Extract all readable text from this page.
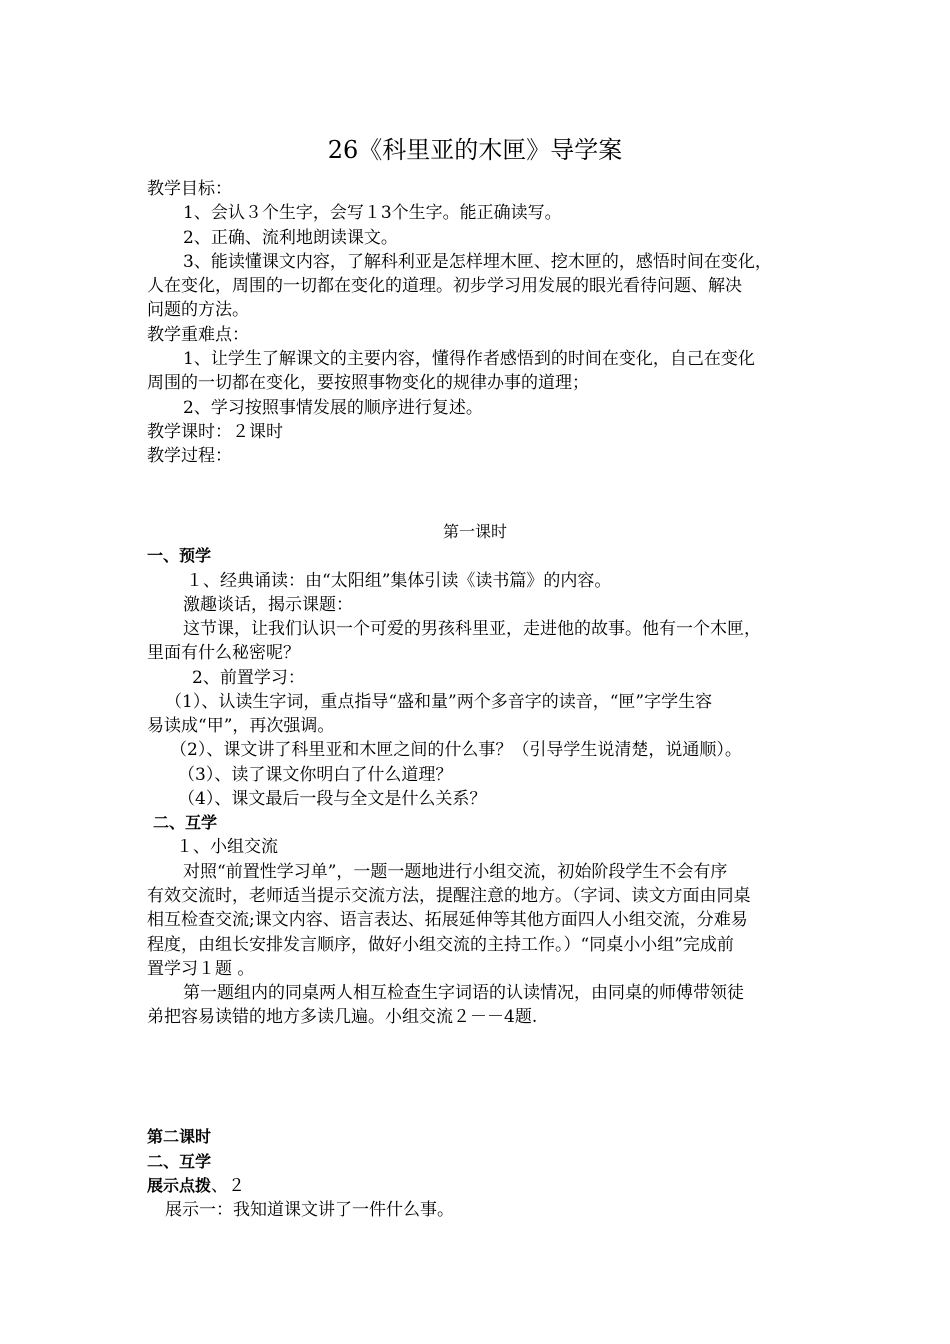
26《科里亚的木匣》导学案
教学目标：
1、会认３个生字，会写１3个生字。能正确读写。
2、正确、流利地朗读课文。
3、能读懂课文内容，了解科利亚是怎样埋木匣、挖木匣的，感悟时间在变化，
人在变化，周围的一切都在变化的道理。初步学习用发展的眼光看待问题、解决
问题的方法。
教学重难点：
1、让学生了解课文的主要内容，懂得作者感悟到的时间在变化，自己在变化
周围的一切都在变化，要按照事物变化的规律办事的道理；
2、学习按照事情发展的顺序进行复述。
教学课时：２课时
教学过程：
第一课时
一、预学
１、经典诵读：由“太阳组”集体引读《读书篇》的内容。
激趣谈话，揭示课题：
这节课，让我们认识一个可爱的男孩科里亚，走进他的故事。他有一个木匣，
里面有什么秘密呢？
2、前置学习：
（1）、认读生字词，重点指导“盛和量”两个多音字的读音，“匣”字学生容
易读成“甲”，再次强调。
（2）、课文讲了科里亚和木匣之间的什么事？（引导学生说清楚，说通顺）。
（3）、读了课文你明白了什么道理？
（4）、课文最后一段与全文是什么关系？
二、互学
１、小组交流
对照“前置性学习单”，一题一题地进行小组交流，初始阶段学生不会有序
有效交流时，老师适当提示交流方法，提醒注意的地方。（字词、读文方面由同桌
相互检查交流;课文内容、语言表达、拓展延伸等其他方面四人小组交流，分难易
程度，由组长安排发言顺序，做好小组交流的主持工作。）“同桌小小组”完成前
置学习１题 。
第一题组内的同桌两人相互检查生字词语的认读情况，由同桌的师傅带领徒
弟把容易读错的地方多读几遍。小组交流２－－4题.
第二课时
二、互学
展示点拨、２
展示一：我知道课文讲了一件什么事。
